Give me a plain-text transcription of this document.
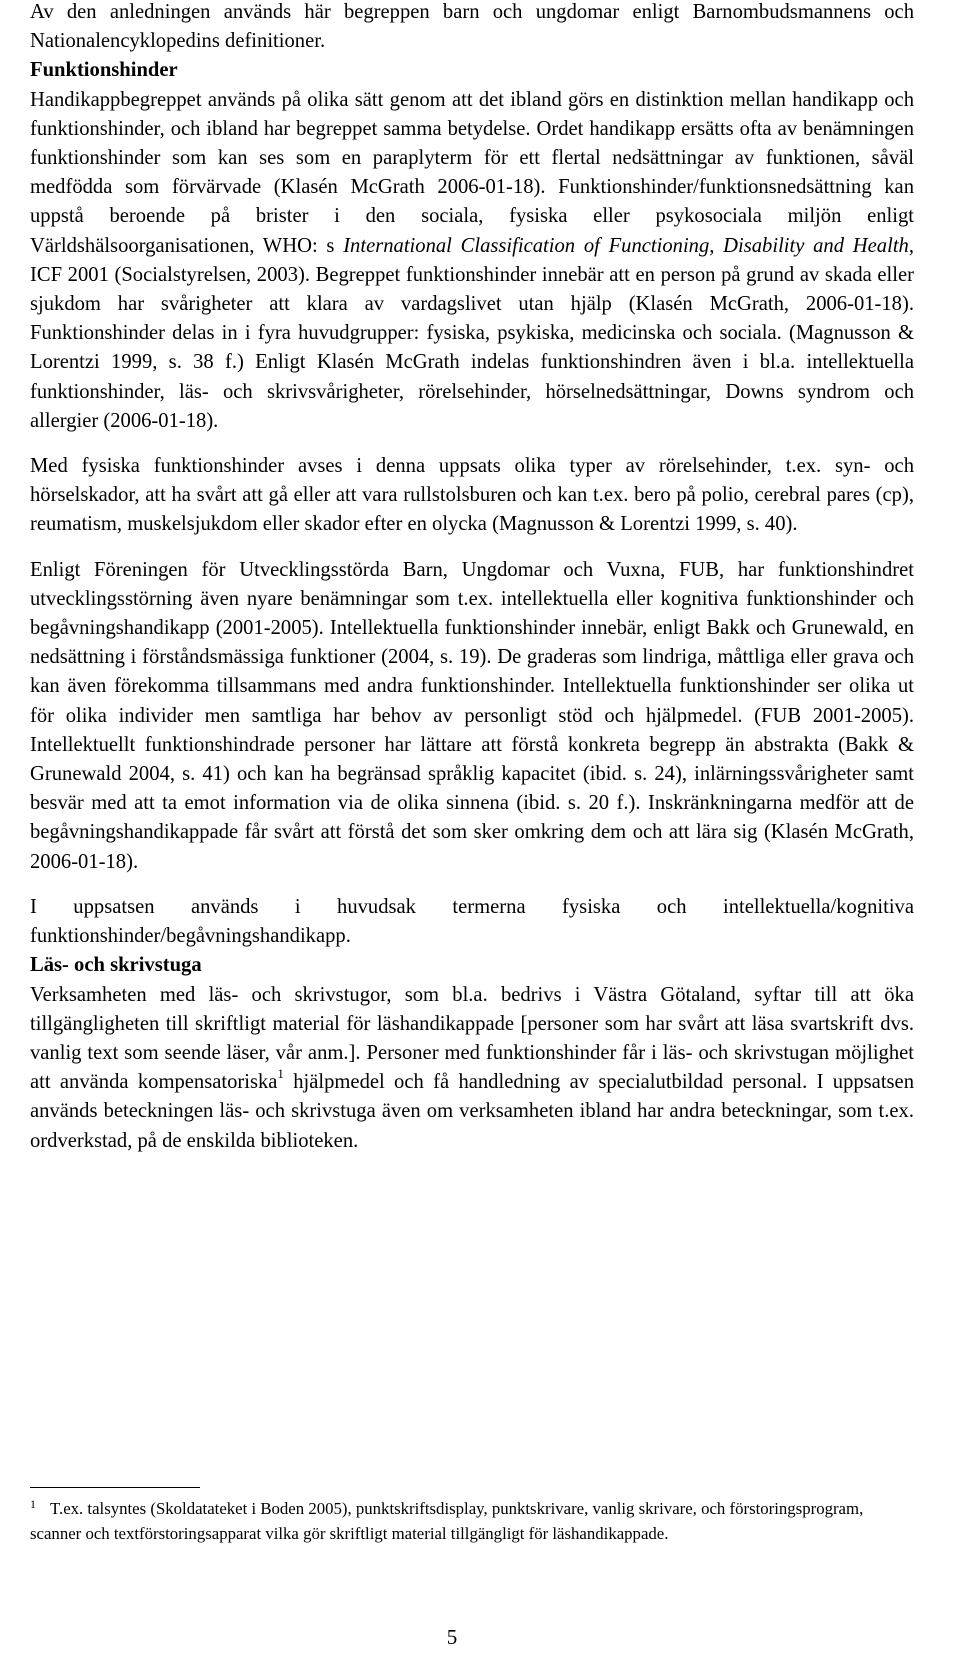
Av den anledningen används här begreppen barn och ungdomar enligt Barnombudsmannens och Nationalencyklopedins definitioner.

Funktionshinder

Handikappbegreppet används på olika sätt genom att det ibland görs en distinktion mellan handikapp och funktionshinder, och ibland har begreppet samma betydelse. Ordet handikapp ersätts ofta av benämningen funktionshinder som kan ses som en paraplyterm för ett flertal nedsättningar av funktionen, såväl medfödda som förvärvade (Klasén McGrath 2006-01-18). Funktionshinder/funktionsnedsättning kan uppstå beroende på brister i den sociala, fysiska eller psykosociala miljön enligt Världshälsoorganisationen, WHO: s International Classification of Functioning, Disability and Health, ICF 2001 (Socialstyrelsen, 2003). Begreppet funktionshinder innebär att en person på grund av skada eller sjukdom har svårigheter att klara av vardagslivet utan hjälp (Klasén McGrath, 2006-01-18). Funktionshinder delas in i fyra huvudgrupper: fysiska, psykiska, medicinska och sociala. (Magnusson & Lorentzi 1999, s. 38 f.) Enligt Klasén McGrath indelas funktionshindren även i bl.a. intellektuella funktionshinder, läs- och skrivsvårigheter, rörelsehinder, hörselnedsättningar, Downs syndrom och allergier (2006-01-18).

Med fysiska funktionshinder avses i denna uppsats olika typer av rörelsehinder, t.ex. syn- och hörselskador, att ha svårt att gå eller att vara rullstolsburen och kan t.ex. bero på polio, cerebral pares (cp), reumatism, muskelsjukdom eller skador efter en olycka (Magnusson & Lorentzi 1999, s. 40).

Enligt Föreningen för Utvecklingsstörda Barn, Ungdomar och Vuxna, FUB, har funktionshindret utvecklingsstörning även nyare benämningar som t.ex. intellektuella eller kognitiva funktionshinder och begåvningshandikapp (2001-2005). Intellektuella funktionshinder innebär, enligt Bakk och Grunewald, en nedsättning i förståndsmässiga funktioner (2004, s. 19). De graderas som lindriga, måttliga eller grava och kan även förekomma tillsammans med andra funktionshinder. Intellektuella funktionshinder ser olika ut för olika individer men samtliga har behov av personligt stöd och hjälpmedel. (FUB 2001-2005). Intellektuellt funktionshindrade personer har lättare att förstå konkreta begrepp än abstrakta (Bakk & Grunewald 2004, s. 41) och kan ha begränsad språklig kapacitet (ibid. s. 24), inlärningssvårigheter samt besvär med att ta emot information via de olika sinnena (ibid. s. 20 f.). Inskränkningarna medför att de begåvningshandikappade får svårt att förstå det som sker omkring dem och att lära sig (Klasén McGrath, 2006-01-18).

I uppsatsen används i huvudsak termerna fysiska och intellektuella/kognitiva funktionshinder/begåvningshandikapp.

Läs- och skrivstuga

Verksamheten med läs- och skrivstugor, som bl.a. bedrivs i Västra Götaland, syftar till att öka tillgängligheten till skriftligt material för läshandikappade [personer som har svårt att läsa svartskrift dvs. vanlig text som seende läser, vår anm.]. Personer med funktionshinder får i läs- och skrivstugan möjlighet att använda kompensatoriska$^1$ hjälpmedel och få handledning av specialutbildad personal. I uppsatsen används beteckningen läs- och skrivstuga även om verksamheten ibland har andra beteckningar, som t.ex. ordverkstad, på de enskilda biblioteken.

$^1$ T.ex. talsyntes (Skoldatateket i Boden 2005), punktskriftsdisplay, punktskrivare, vanlig skrivare, och förstoringsprogram, scanner och textförstoringsapparat vilka gör skriftligt material tillgängligt för läshandikappade.
5
